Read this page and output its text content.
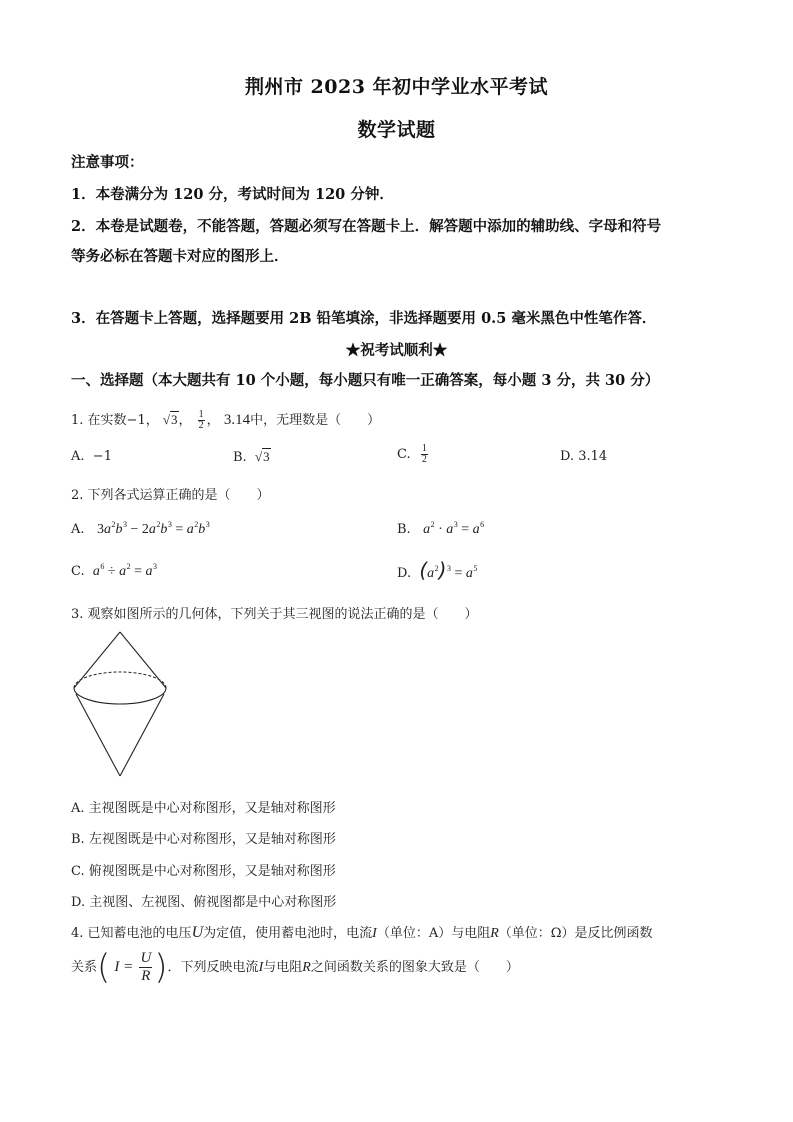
荆州市 2023 年初中学业水平考试
数学试题
注意事项：
1．本卷满分为 120 分，考试时间为 120 分钟．
2．本卷是试题卷，不能答题，答题必须写在答题卡上．解答题中添加的辅助线、字母和符号
等务必标在答题卡对应的图形上．
3．在答题卡上答题，选择题要用 2B 铅笔填涂，非选择题要用 0.5 毫米黑色中性笔作答．
★祝考试顺利★
一、选择题（本大题共有 10 个小题，每小题只有唯一正确答案，每小题 3 分，共 30 分）
1. 在实数−1， √3， $\frac{1}{2}$ ， 3.14中，无理数是（　　）
A. −1	B. √3	C. $\frac{1}{2}$	D. 3.14
2. 下列各式运算正确的是（　　）
A. $3a^2b^3 - 2a^2b^3 = a^2b^3$	B. $a^2 \cdot a^3 = a^6$
C. $a^6 \div a^2 = a^3$	D. $(a^2)^3 = a^5$
3. 观察如图所示的几何体，下列关于其三视图的说法正确的是（　　）
A. 主视图既是中心对称图形，又是轴对称图形
B. 左视图既是中心对称图形，又是轴对称图形
C. 俯视图既是中心对称图形，又是轴对称图形
D. 主视图、左视图、俯视图都是中心对称图形
4. 已知蓄电池的电压U为定值，使用蓄电池时，电流I（单位：A）与电阻R（单位：Ω）是反比例函数
关系( $I = \frac{U}{R}$ )．下列反映电流I与电阻R之间函数关系的图象大致是（　　）
